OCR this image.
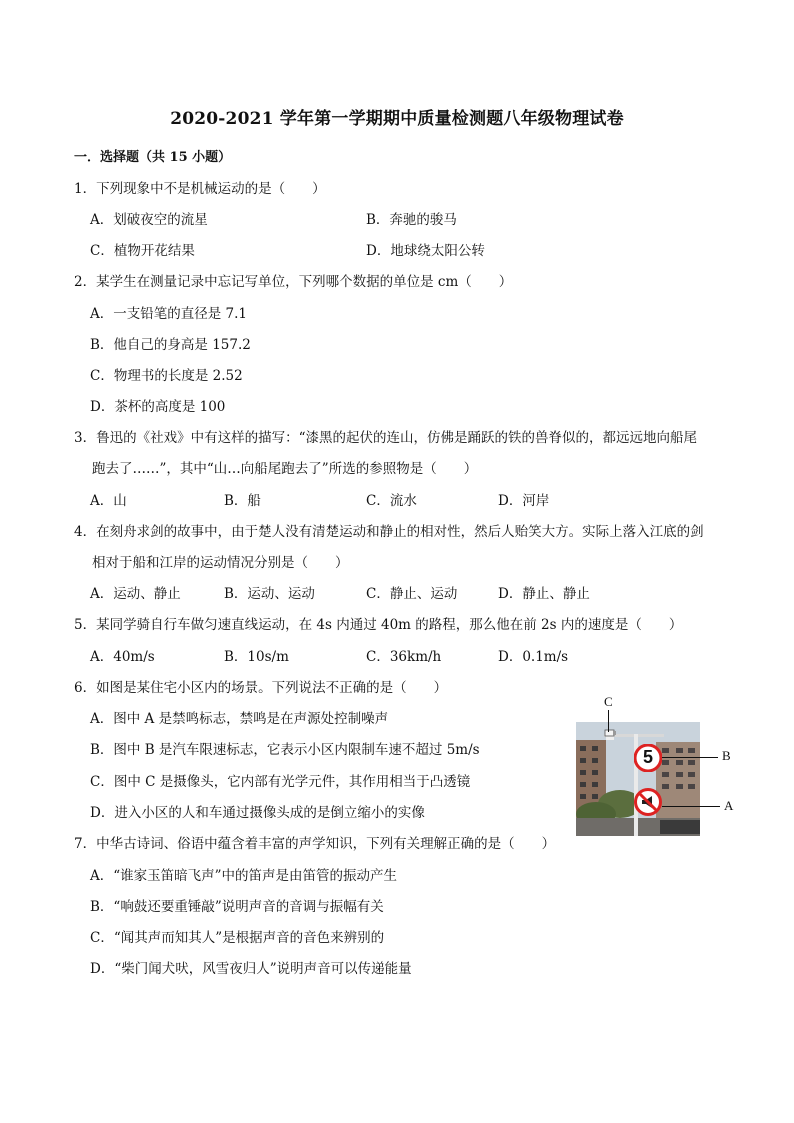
2020-2021 学年第一学期期中质量检测题八年级物理试卷
一．选择题（共 15 小题）
1．下列现象中不是机械运动的是（　　）
A．划破夜空的流星	B．奔驰的骏马
C．植物开花结果	D．地球绕太阳公转
2．某学生在测量记录中忘记写单位，下列哪个数据的单位是 cm（　　）
A．一支铅笔的直径是 7.1
B．他自己的身高是 157.2
C．物理书的长度是 2.52
D．茶杯的高度是 100
3．鲁迅的《社戏》中有这样的描写：“漆黑的起伏的连山，仿佛是踊跃的铁的兽脊似的，都远远地向船尾
跑去了……”，其中“山…向船尾跑去了”所选的参照物是（　　）
A．山	B．船	C．流水	D．河岸
4．在刻舟求剑的故事中，由于楚人没有清楚运动和静止的相对性，然后人贻笑大方。实际上落入江底的剑
相对于船和江岸的运动情况分别是（　　）
A．运动、静止	B．运动、运动	C．静止、运动	D．静止、静止
5．某同学骑自行车做匀速直线运动，在 4s 内通过 40m 的路程，那么他在前 2s 内的速度是（　　）
A．40m/s	B．10s/m	C．36km/h	D．0.1m/s
6．如图是某住宅小区内的场景。下列说法不正确的是（　　）
A．图中 A 是禁鸣标志，禁鸣是在声源处控制噪声
B．图中 B 是汽车限速标志，它表示小区内限制车速不超过 5m/s
C．图中 C 是摄像头，它内部有光学元件，其作用相当于凸透镜
D．进入小区的人和车通过摄像头成的是倒立缩小的实像
5
C
B
A
7．中华古诗词、俗语中蕴含着丰富的声学知识，下列有关理解正确的是（　　）
A．“谁家玉笛暗飞声”中的笛声是由笛管的振动产生
B．“响鼓还要重锤敲”说明声音的音调与振幅有关
C．“闻其声而知其人”是根据声音的音色来辨别的
D．“柴门闻犬吠，风雪夜归人”说明声音可以传递能量
